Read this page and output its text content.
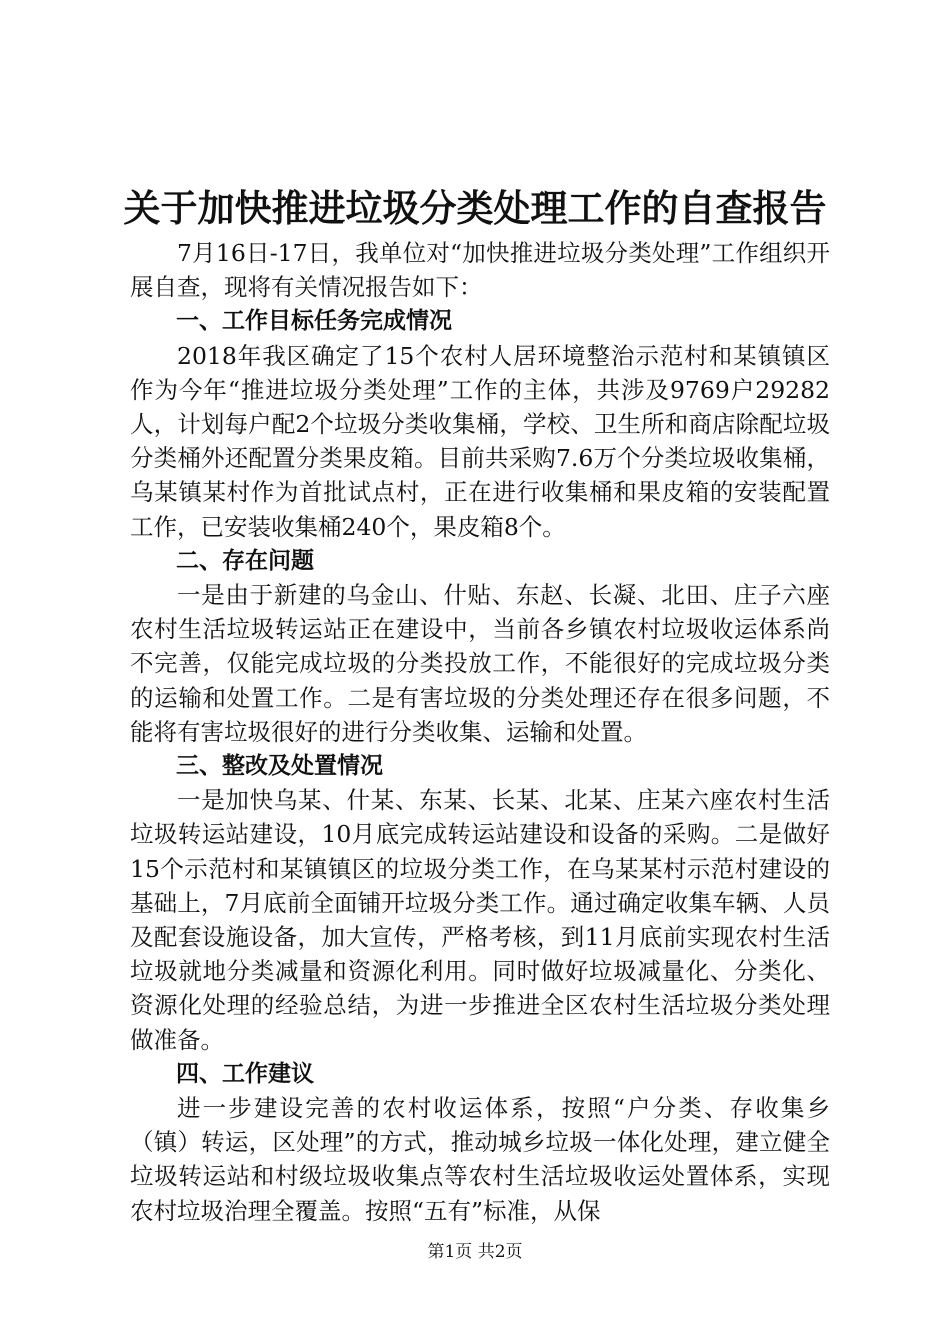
关于加快推进垃圾分类处理工作的自查报告

7月16日-17日，我单位对“加快推进垃圾分类处理”工作组织开展自查，现将有关情况报告如下：

一、工作目标任务完成情况

2018年我区确定了15个农村人居环境整治示范村和某镇镇区作为今年“推进垃圾分类处理”工作的主体，共涉及9769户29282人，计划每户配2个垃圾分类收集桶，学校、卫生所和商店除配垃圾分类桶外还配置分类果皮箱。目前共采购7.6万个分类垃圾收集桶，乌某镇某村作为首批试点村，正在进行收集桶和果皮箱的安装配置工作，已安装收集桶240个，果皮箱8个。

二、存在问题

一是由于新建的乌金山、什贴、东赵、长凝、北田、庄子六座农村生活垃圾转运站正在建设中，当前各乡镇农村垃圾收运体系尚不完善，仅能完成垃圾的分类投放工作，不能很好的完成垃圾分类的运输和处置工作。二是有害垃圾的分类处理还存在很多问题，不能将有害垃圾很好的进行分类收集、运输和处置。

三、整改及处置情况

一是加快乌某、什某、东某、长某、北某、庄某六座农村生活垃圾转运站建设，10月底完成转运站建设和设备的采购。二是做好15个示范村和某镇镇区的垃圾分类工作，在乌某某村示范村建设的基础上，7月底前全面铺开垃圾分类工作。通过确定收集车辆、人员及配套设施设备，加大宣传，严格考核，到11月底前实现农村生活垃圾就地分类减量和资源化利用。同时做好垃圾减量化、分类化、资源化处理的经验总结，为进一步推进全区农村生活垃圾分类处理做准备。

四、工作建议

进一步建设完善的农村收运体系，按照“户分类、存收集乡（镇）转运，区处理”的方式，推动城乡垃圾一体化处理，建立健全垃圾转运站和村级垃圾收集点等农村生活垃圾收运处置体系，实现农村垃圾治理全覆盖。按照“五有”标准，从保

第1页 共2页
